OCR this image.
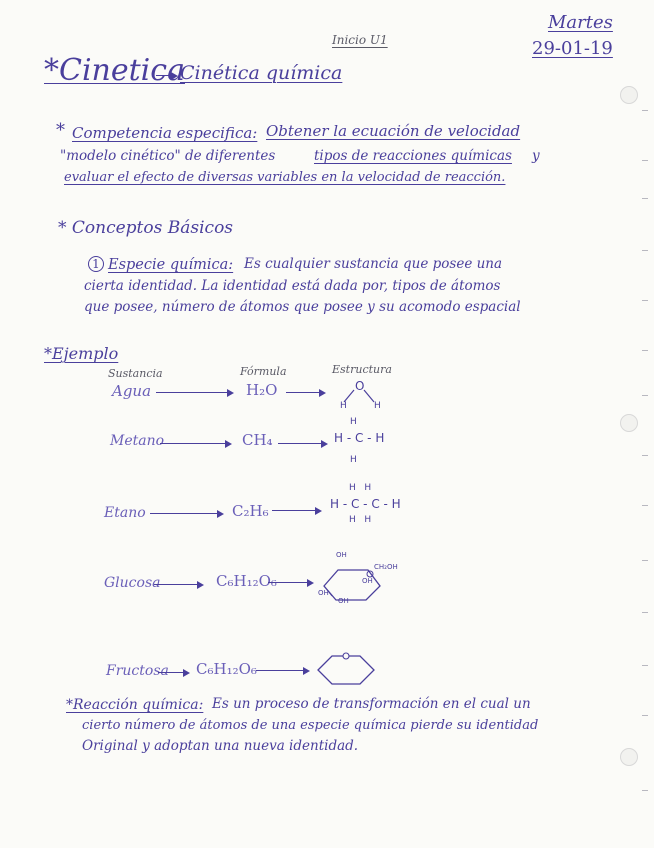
Martes
29-01-19
Inicio U1
*Cinetica
Cinética química
* Competencia especifica: Obtener la ecuación de velocidad
"modelo cinético" de diferentes	tipos de reacciones químicas y
evaluar el efecto de diversas variables en la velocidad de reacción.
* Conceptos Básicos
1 Especie química: Es cualquier sustancia que posee una
cierta identidad. La identidad está dada por, tipos de átomos
que posee, número de átomos que posee y su acomodo espacial
*Ejemplo
Sustancia	Fórmula	Estructura
Agua	H₂O	O
H	H
Metano	CH₄
H
H - C - H
H
Etano	C₂H₆
H   H
H - C - C - H
H   H
Glucosa	C₆H₁₂O₆
OH
CH₂OH
OH
OH
OH
Fructosa C₆H₁₂O₆
*Reacción química: Es un proceso de transformación en el cual un
cierto número de átomos de una especie química pierde su identidad
Original y adoptan una nueva identidad.
